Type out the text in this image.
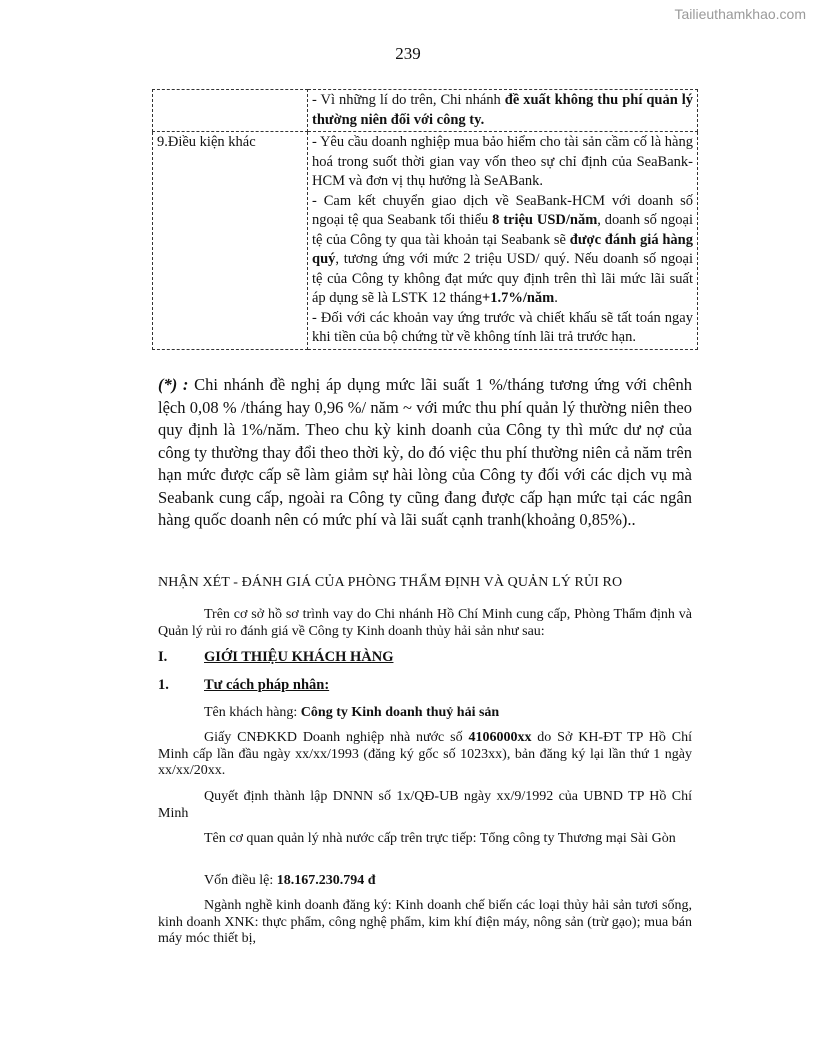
Tailieuthamkhao.com
239

	- Vì những lí do trên, Chi nhánh đề xuất không thu phí quản lý thường niên đối với công ty.

9.Điều kiện khác	- Yêu cầu doanh nghiệp mua bảo hiểm cho tài sản cầm cố là hàng hoá trong suốt thời gian vay vốn theo sự chỉ định của SeaBank-HCM và đơn vị thụ hưởng là SeABank.

- Cam kết chuyển giao dịch về SeaBank-HCM với doanh số ngoại tệ qua Seabank tối thiểu 8 triệu USD/năm, doanh số ngoại tệ của Công ty qua tài khoản tại Seabank sẽ được đánh giá hàng quý, tương ứng với mức 2 triệu USD/ quý. Nếu doanh số ngoại tệ của Công ty không đạt mức quy định trên thì lãi mức lãi suất áp dụng sẽ là LSTK 12 tháng+1.7%/năm.

- Đối với các khoản vay ứng trước và chiết khấu sẽ tất toán ngay khi tiền của bộ chứng từ về không tính lãi trả trước hạn.

(*) : Chi nhánh đề nghị áp dụng mức lãi suất 1 %/tháng tương ứng với chênh lệch 0,08 % /tháng hay 0,96 %/ năm ~ với mức thu phí quản lý thường niên theo quy định là 1%/năm. Theo chu kỳ kinh doanh của Công ty thì mức dư nợ của công ty thường thay đổi theo thời kỳ, do đó việc thu phí thường niên cả năm trên hạn mức được cấp sẽ làm giảm sự hài lòng của Công ty đối với các dịch vụ mà Seabank cung cấp, ngoài ra Công ty cũng đang được cấp hạn mức tại các ngân hàng quốc doanh nên có mức phí và lãi suất cạnh tranh(khoảng 0,85%)..

NHẬN XÉT - ĐÁNH GIÁ CỦA PHÒNG THẨM ĐỊNH VÀ QUẢN LÝ RỦI RO

Trên cơ sở hồ sơ trình vay do Chi nhánh Hồ Chí Minh cung cấp, Phòng Thẩm định và Quản lý rủi ro đánh giá về Công ty Kinh doanh thủy hải sản như sau:

I.	GIỚI THIỆU KHÁCH HÀNG
1. Tư cách pháp nhân:

Tên khách hàng: Công ty Kinh doanh thuỷ hải sản

Giấy CNĐKKD Doanh nghiệp nhà nước số 4106000xx do Sở KH-ĐT TP Hồ Chí Minh cấp lần đầu ngày xx/xx/1993 (đăng ký gốc số 1023xx), bản đăng ký lại lần thứ 1 ngày xx/xx/20xx.

Quyết định thành lập DNNN số 1x/QĐ-UB ngày xx/9/1992 của UBND TP Hồ Chí Minh

Tên cơ quan quản lý nhà nước cấp trên trực tiếp: Tổng công ty Thương mại Sài Gòn

Vốn điều lệ: 18.167.230.794 đ

Ngành nghề kinh doanh đăng ký: Kinh doanh chế biến các loại thủy hải sản tươi sống, kinh doanh XNK: thực phẩm, công nghệ phẩm, kim khí điện máy, nông sản (trừ gạo); mua bán máy móc thiết bị,
